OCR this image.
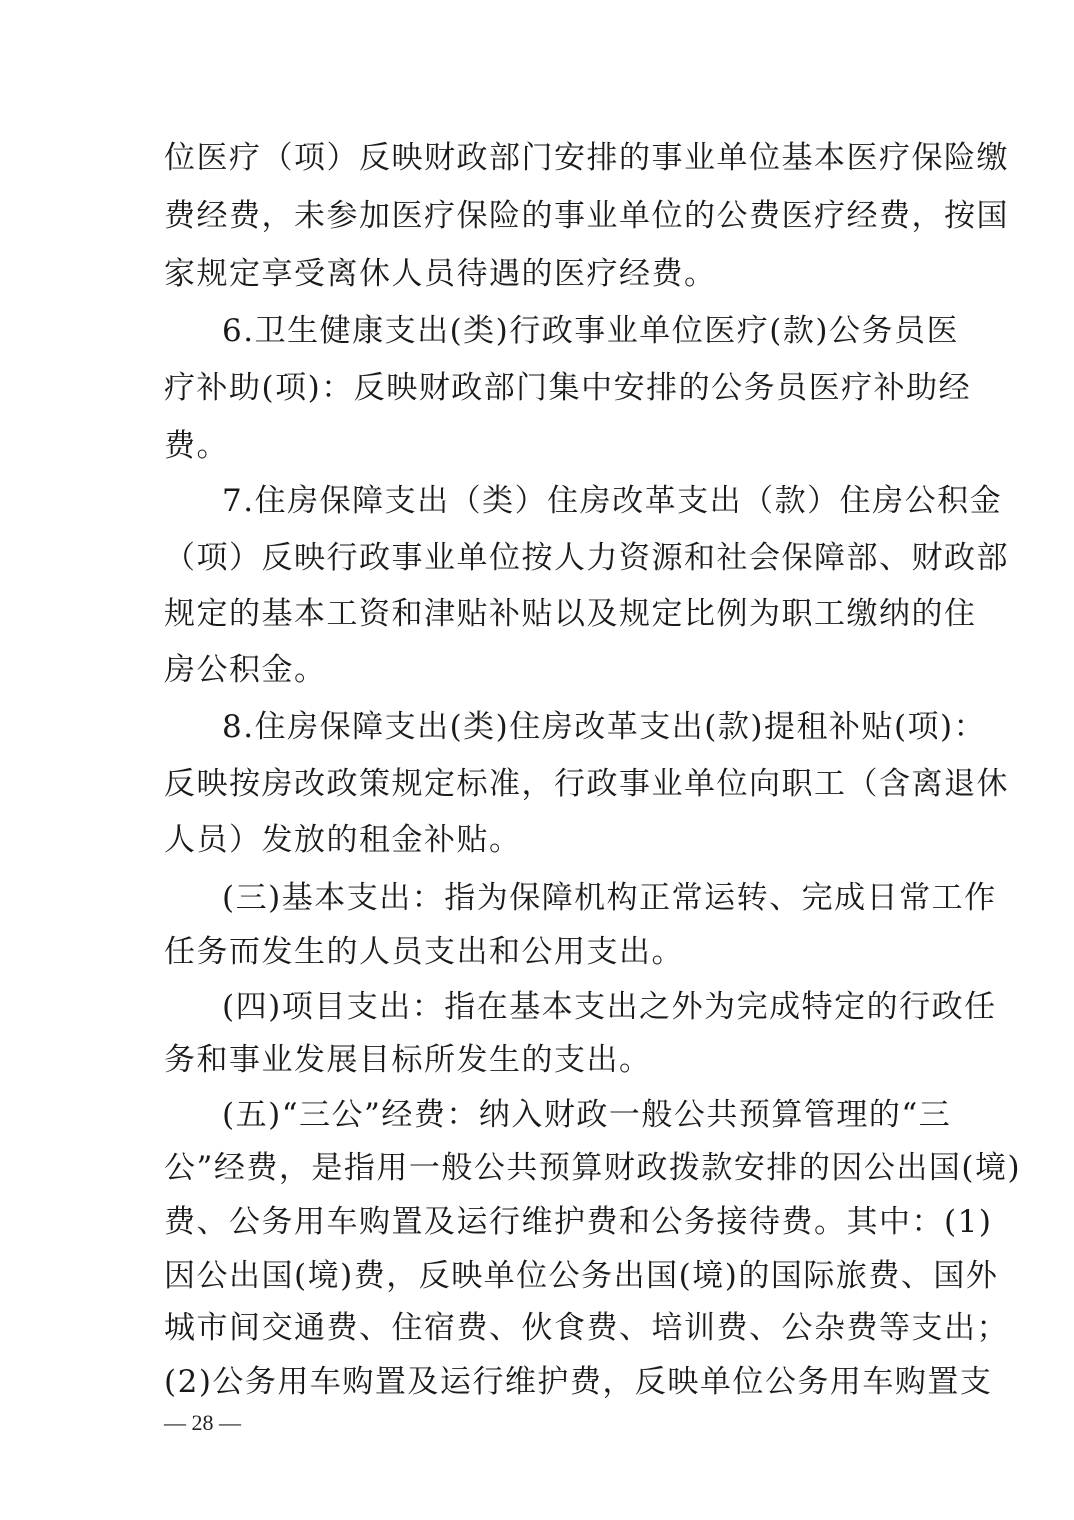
位医疗（项）反映财政部门安排的事业单位基本医疗保险缴
费经费，未参加医疗保险的事业单位的公费医疗经费，按国
家规定享受离休人员待遇的医疗经费。
6.卫生健康支出(类)行政事业单位医疗(款)公务员医
疗补助(项)：反映财政部门集中安排的公务员医疗补助经
费。
7.住房保障支出（类）住房改革支出（款）住房公积金
（项）反映行政事业单位按人力资源和社会保障部、财政部
规定的基本工资和津贴补贴以及规定比例为职工缴纳的住
房公积金。
8.住房保障支出(类)住房改革支出(款)提租补贴(项)：
反映按房改政策规定标准，行政事业单位向职工（含离退休
人员）发放的租金补贴。
(三)基本支出：指为保障机构正常运转、完成日常工作
任务而发生的人员支出和公用支出。
(四)项目支出：指在基本支出之外为完成特定的行政任
务和事业发展目标所发生的支出。
(五)“三公”经费：纳入财政一般公共预算管理的“三
公”经费，是指用一般公共预算财政拨款安排的因公出国(境)
费、公务用车购置及运行维护费和公务接待费。其中：(1)
因公出国(境)费，反映单位公务出国(境)的国际旅费、国外
城市间交通费、住宿费、伙食费、培训费、公杂费等支出；
(2)公务用车购置及运行维护费，反映单位公务用车购置支
— 28 —
